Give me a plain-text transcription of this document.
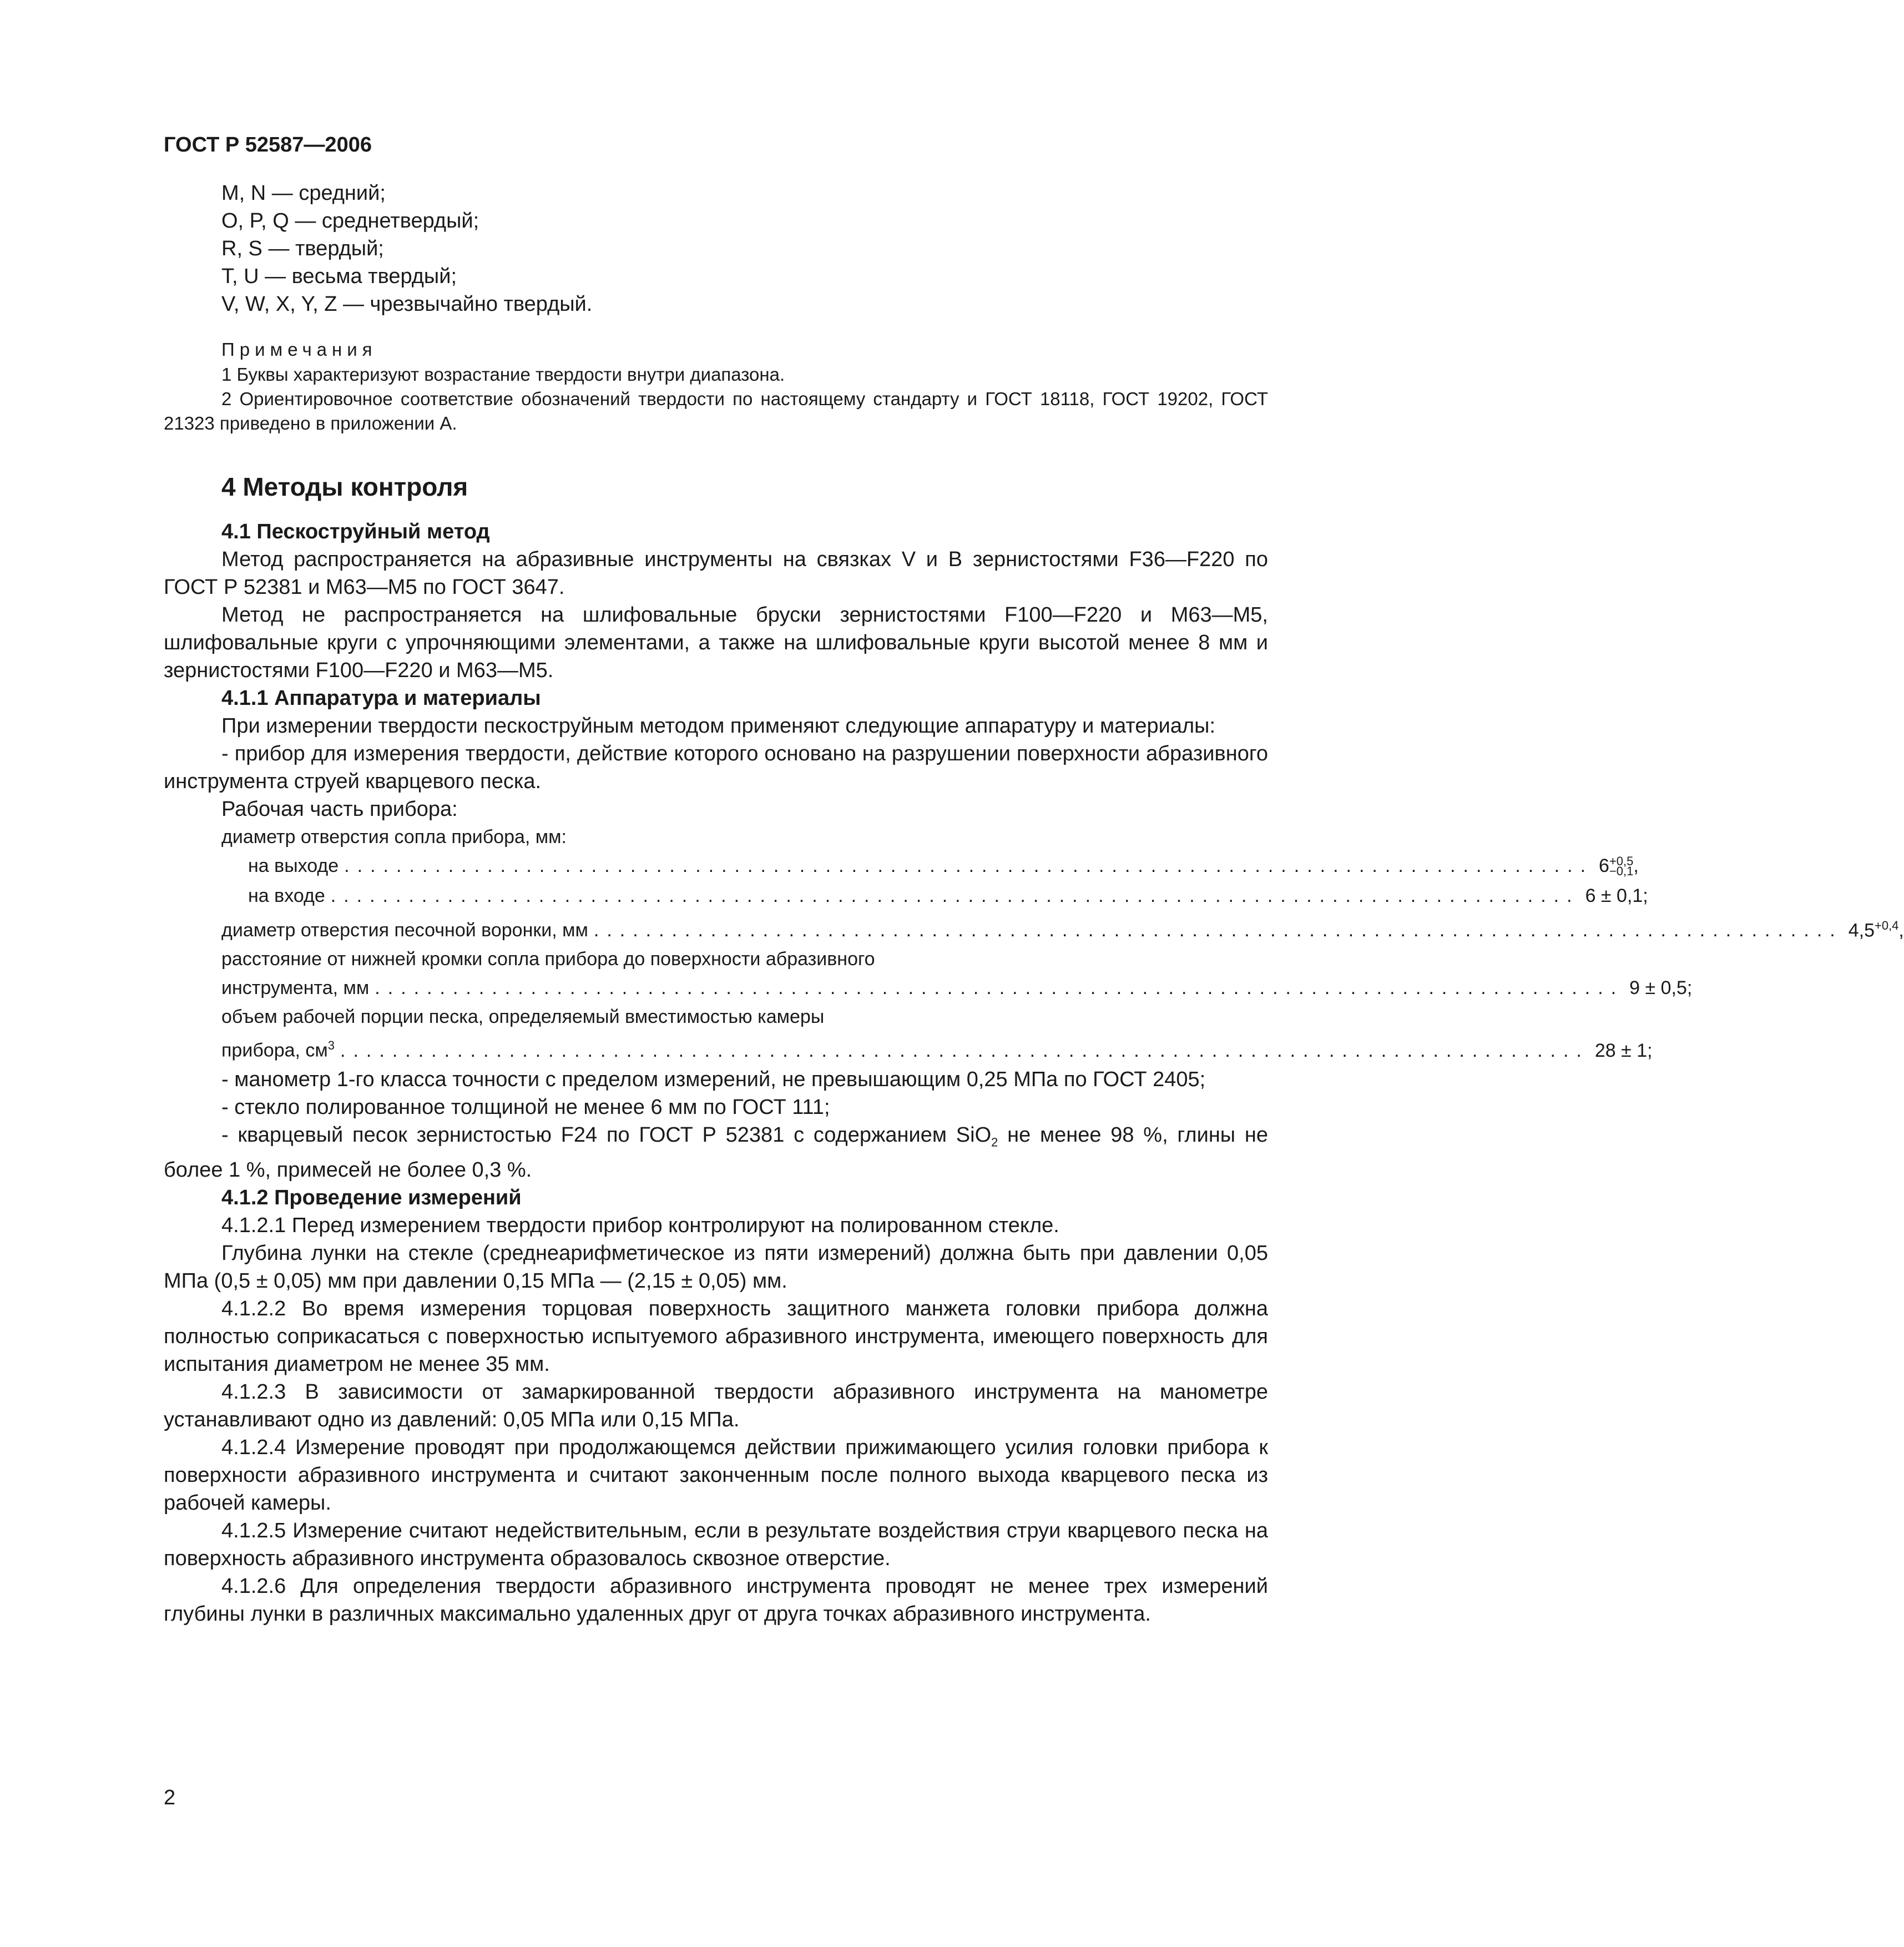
ГОСТ Р 52587—2006

M, N — средний;

O, P, Q — среднетвердый;

R, S — твердый;

T, U — весьма твердый;

V, W, X, Y, Z — чрезвычайно твердый.

Примечания

1 Буквы характеризуют возрастание твердости внутри диапазона.

2 Ориентировочное соответствие обозначений твердости по настоящему стандарту и ГОСТ 18118, ГОСТ 19202, ГОСТ 21323 приведено в приложении А.

4 Методы контроля

4.1 Пескоструйный метод

Метод распространяется на абразивные инструменты на связках V и B зернистостями F36—F220 по ГОСТ Р 52381 и М63—М5 по ГОСТ 3647.

Метод не распространяется на шлифовальные бруски зернистостями F100—F220 и М63—М5, шлифовальные круги с упрочняющими элементами, а также на шлифовальные круги высотой менее 8 мм и зернистостями F100—F220 и М63—М5.

4.1.1 Аппаратура и материалы

При измерении твердости пескоструйным методом применяют следующие аппаратуру и материалы:

- прибор для измерения твердости, действие которого основано на разрушении поверхности абразивного инструмента струей кварцевого песка.

Рабочая часть прибора:

диаметр отверстия сопла прибора, мм:
на выходе ................................................................................................ 6 +0,5
−0,1 ,
на входе ................................................................................................ 6 ± 0,1;
диаметр отверстия песочной воронки, мм ................................................................................................ $4,5^{+0,4}$,
расстояние от нижней кромки сопла прибора до поверхности абразивного
инструмента, мм ................................................................................................ 9 ± 0,5;
объем рабочей порции песка, определяемый вместимостью камеры
прибора, $см^3$ ................................................................................................ 28 ± 1;

- манометр 1-го класса точности с пределом измерений, не превышающим 0,25 МПа по ГОСТ 2405;

- стекло полированное толщиной не менее 6 мм по ГОСТ 111;

- кварцевый песок зернистостью F24 по ГОСТ Р 52381 с содержанием SiO$_2$ не менее 98 %, глины не более 1 %, примесей не более 0,3 %.

4.1.2 Проведение измерений

4.1.2.1 Перед измерением твердости прибор контролируют на полированном стекле.

Глубина лунки на стекле (среднеарифметическое из пяти измерений) должна быть при давлении 0,05 МПа (0,5 ± 0,05) мм при давлении 0,15 МПа — (2,15 ± 0,05) мм.

4.1.2.2 Во время измерения торцовая поверхность защитного манжета головки прибора должна полностью соприкасаться с поверхностью испытуемого абразивного инструмента, имеющего поверхность для испытания диаметром не менее 35 мм.

4.1.2.3 В зависимости от замаркированной твердости абразивного инструмента на манометре устанавливают одно из давлений: 0,05 МПа или 0,15 МПа.

4.1.2.4 Измерение проводят при продолжающемся действии прижимающего усилия головки прибора к поверхности абразивного инструмента и считают законченным после полного выхода кварцевого песка из рабочей камеры.

4.1.2.5 Измерение считают недействительным, если в результате воздействия струи кварцевого песка на поверхность абразивного инструмента образовалось сквозное отверстие.

4.1.2.6 Для определения твердости абразивного инструмента проводят не менее трех измерений глубины лунки в различных максимально удаленных друг от друга точках абразивного инструмента.

2
